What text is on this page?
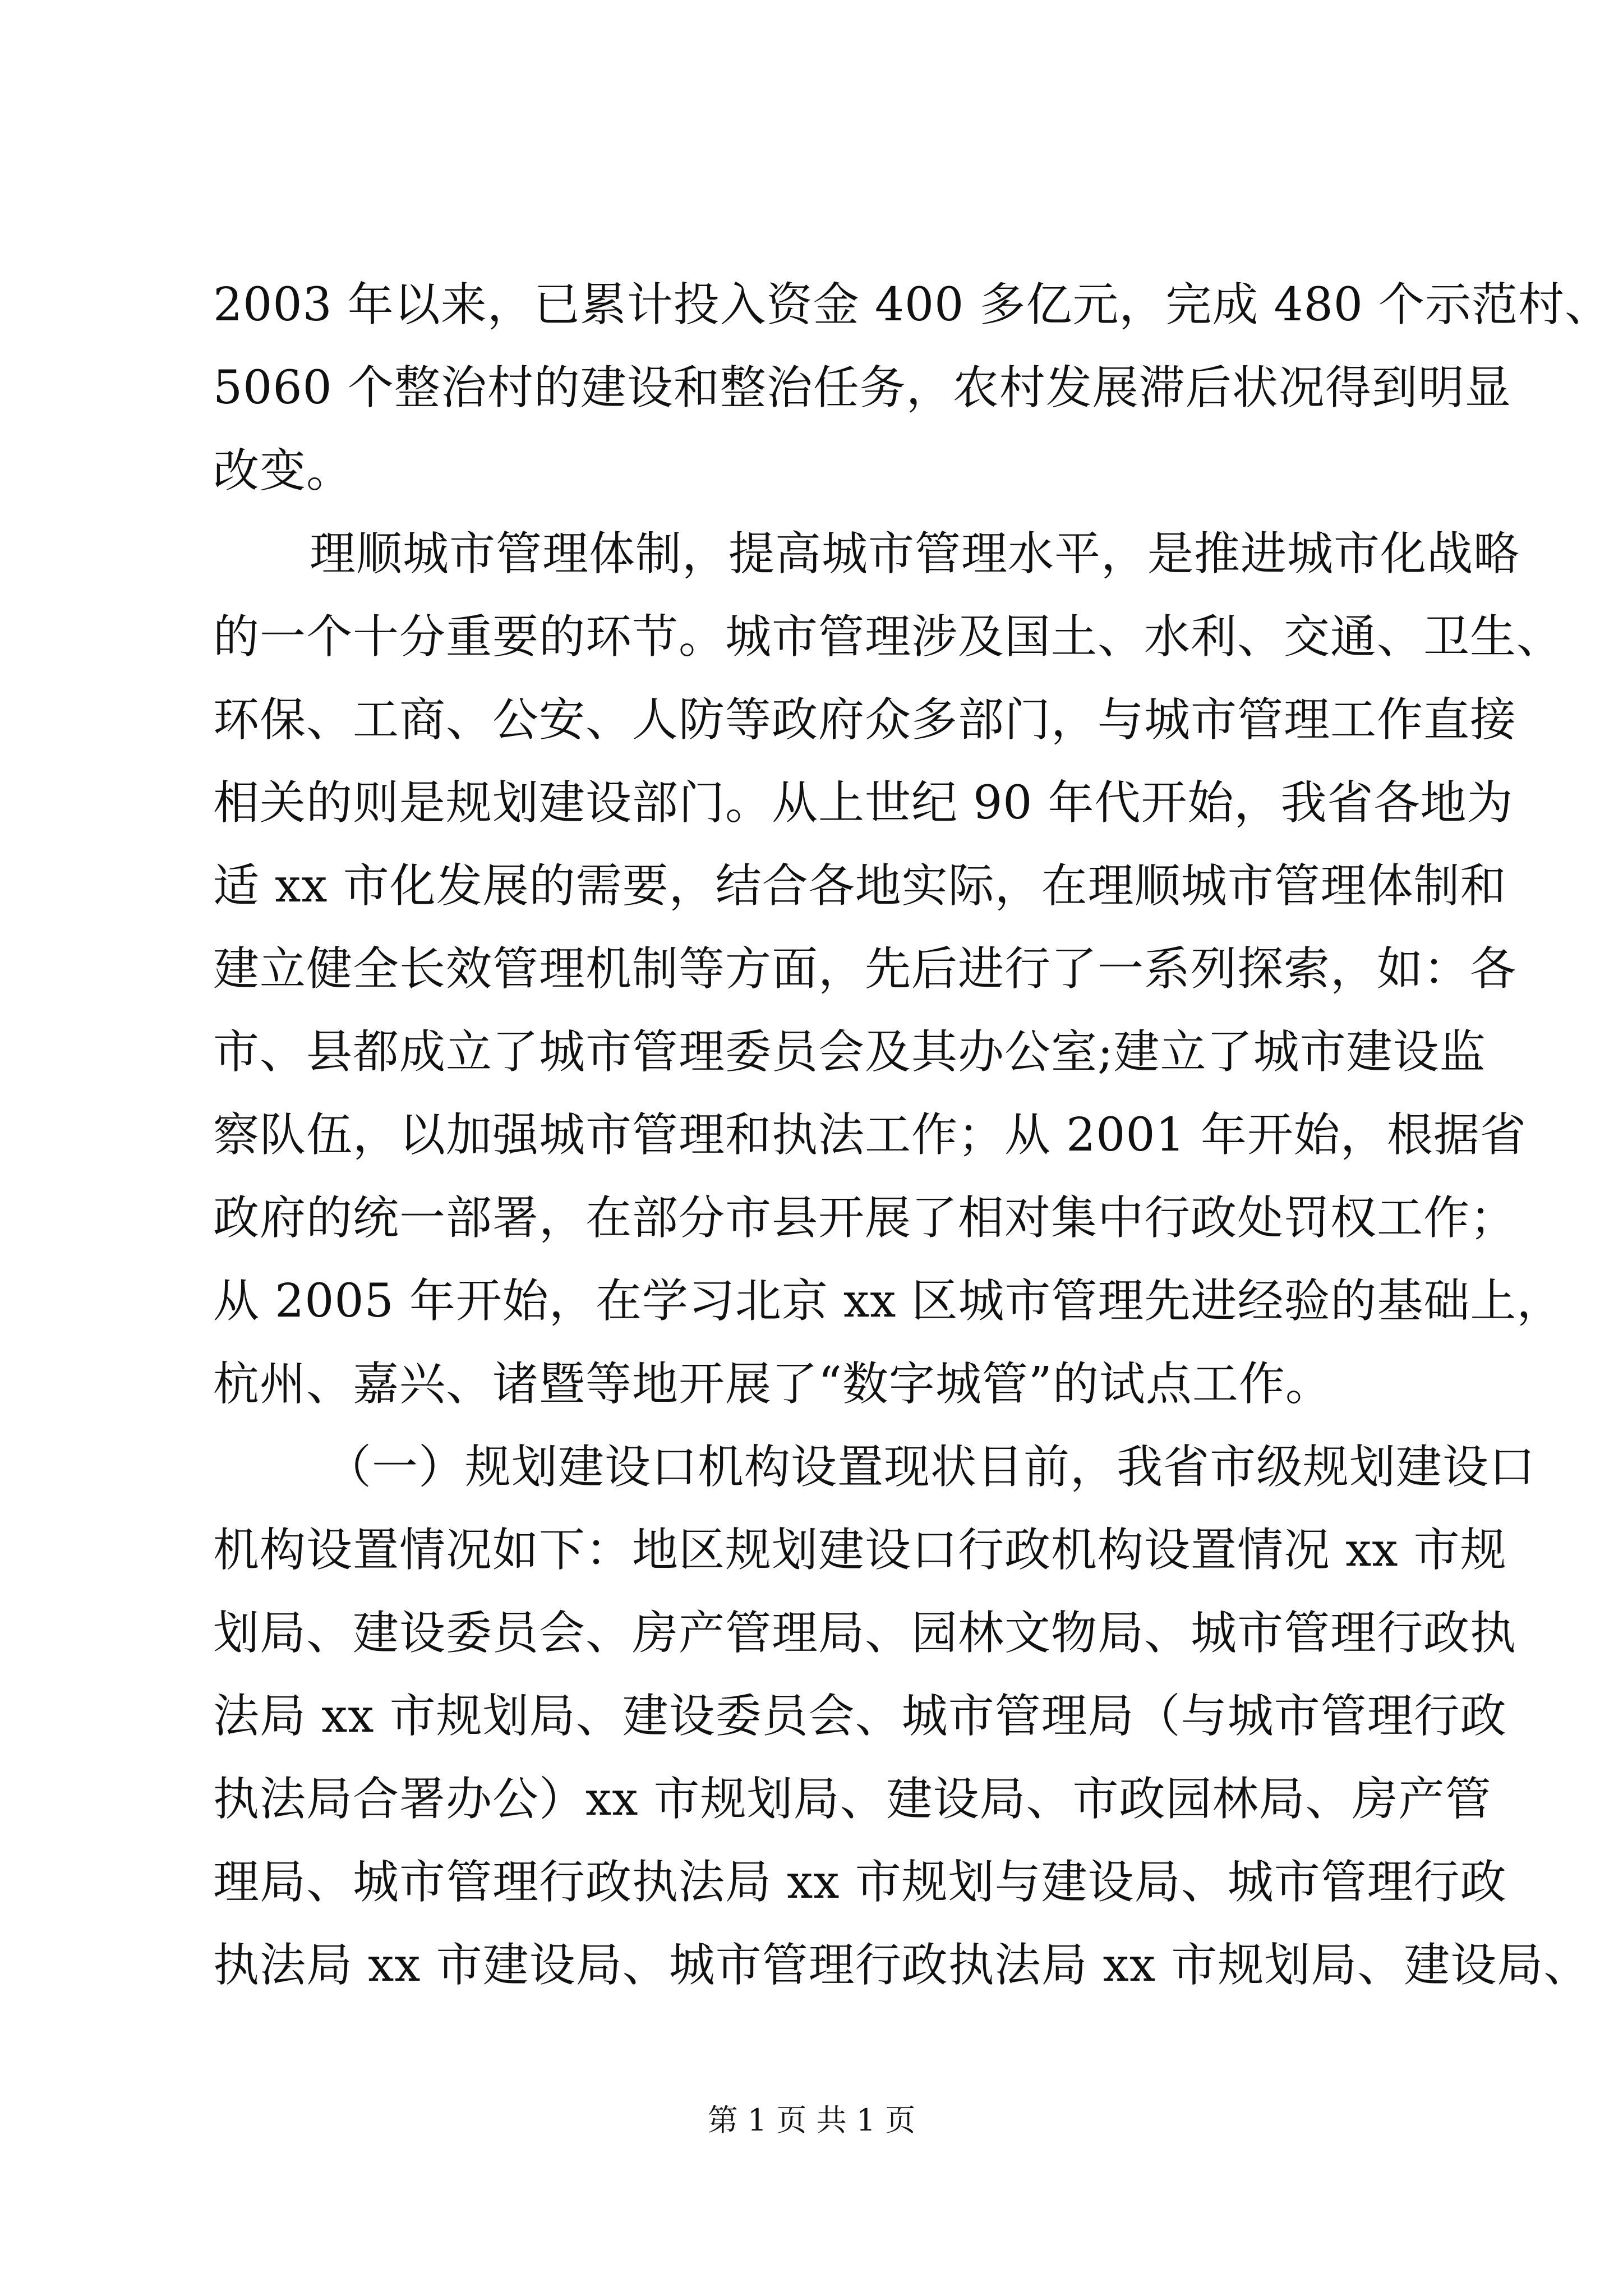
2003 年以来，已累计投入资金 400 多亿元，完成 480 个示范村、
5060 个整治村的建设和整治任务，农村发展滞后状况得到明显
改变。
理顺城市管理体制，提高城市管理水平，是推进城市化战略
的一个十分重要的环节。城市管理涉及国土、水利、交通、卫生、
环保、工商、公安、人防等政府众多部门，与城市管理工作直接
相关的则是规划建设部门。从上世纪 90 年代开始，我省各地为
适 xx 市化发展的需要，结合各地实际，在理顺城市管理体制和
建立健全长效管理机制等方面，先后进行了一系列探索，如：各
市、县都成立了城市管理委员会及其办公室;建立了城市建设监
察队伍，以加强城市管理和执法工作；从 2001 年开始，根据省
政府的统一部署，在部分市县开展了相对集中行政处罚权工作；
从 2005 年开始，在学习北京 xx 区城市管理先进经验的基础上，
杭州、嘉兴、诸暨等地开展了“数字城管”的试点工作。
（一）规划建设口机构设置现状目前，我省市级规划建设口
机构设置情况如下：地区规划建设口行政机构设置情况 xx 市规
划局、建设委员会、房产管理局、园林文物局、城市管理行政执
法局 xx 市规划局、建设委员会、城市管理局（与城市管理行政
执法局合署办公）xx 市规划局、建设局、市政园林局、房产管
理局、城市管理行政执法局 xx 市规划与建设局、城市管理行政
执法局 xx 市建设局、城市管理行政执法局 xx 市规划局、建设局、
第 1 页 共 1 页
